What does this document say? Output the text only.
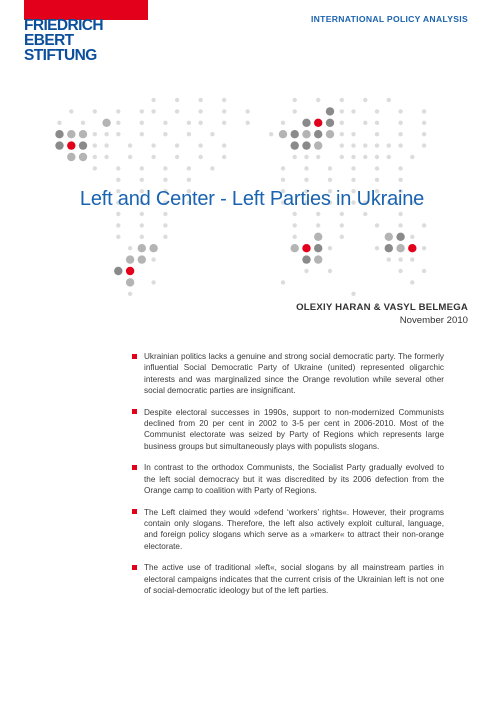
FRIEDRICH
EBERT
STIFTUNG
INTERNATIONAL POLICY ANALYSIS
Left and Center - Left Parties in Ukraine
OLEXIY HARAN & VASYL BELMEGA
November 2010
Ukrainian politics lacks a genuine and strong social democratic party. The formerly influential Social Democratic Party of Ukraine (united) represented oligarchic interests and was marginalized since the Orange revolution while several other social democratic parties are insignificant.
Despite electoral successes in 1990s, support to non-modernized Communists declined from 20 per cent in 2002 to 3-5 per cent in 2006-2010. Most of the Communist electorate was seized by Party of Regions which represents large business groups but simultaneously plays with populists slogans.
In contrast to the orthodox Communists, the Socialist Party gradually evolved to the left social democracy but it was discredited by its 2006 defection from the Orange camp to coalition with Party of Regions.
The Left claimed they would »defend ‘workers’ rights«. However, their programs contain only slogans. Therefore, the left also actively exploit cultural, language, and foreign policy slogans which serve as a »marker« to attract their non-orange electorate.
The active use of traditional »left«, social slogans by all mainstream parties in electoral campaigns indicates that the current crisis of the Ukrainian left is not one of social-democratic ideology but of the left parties.
